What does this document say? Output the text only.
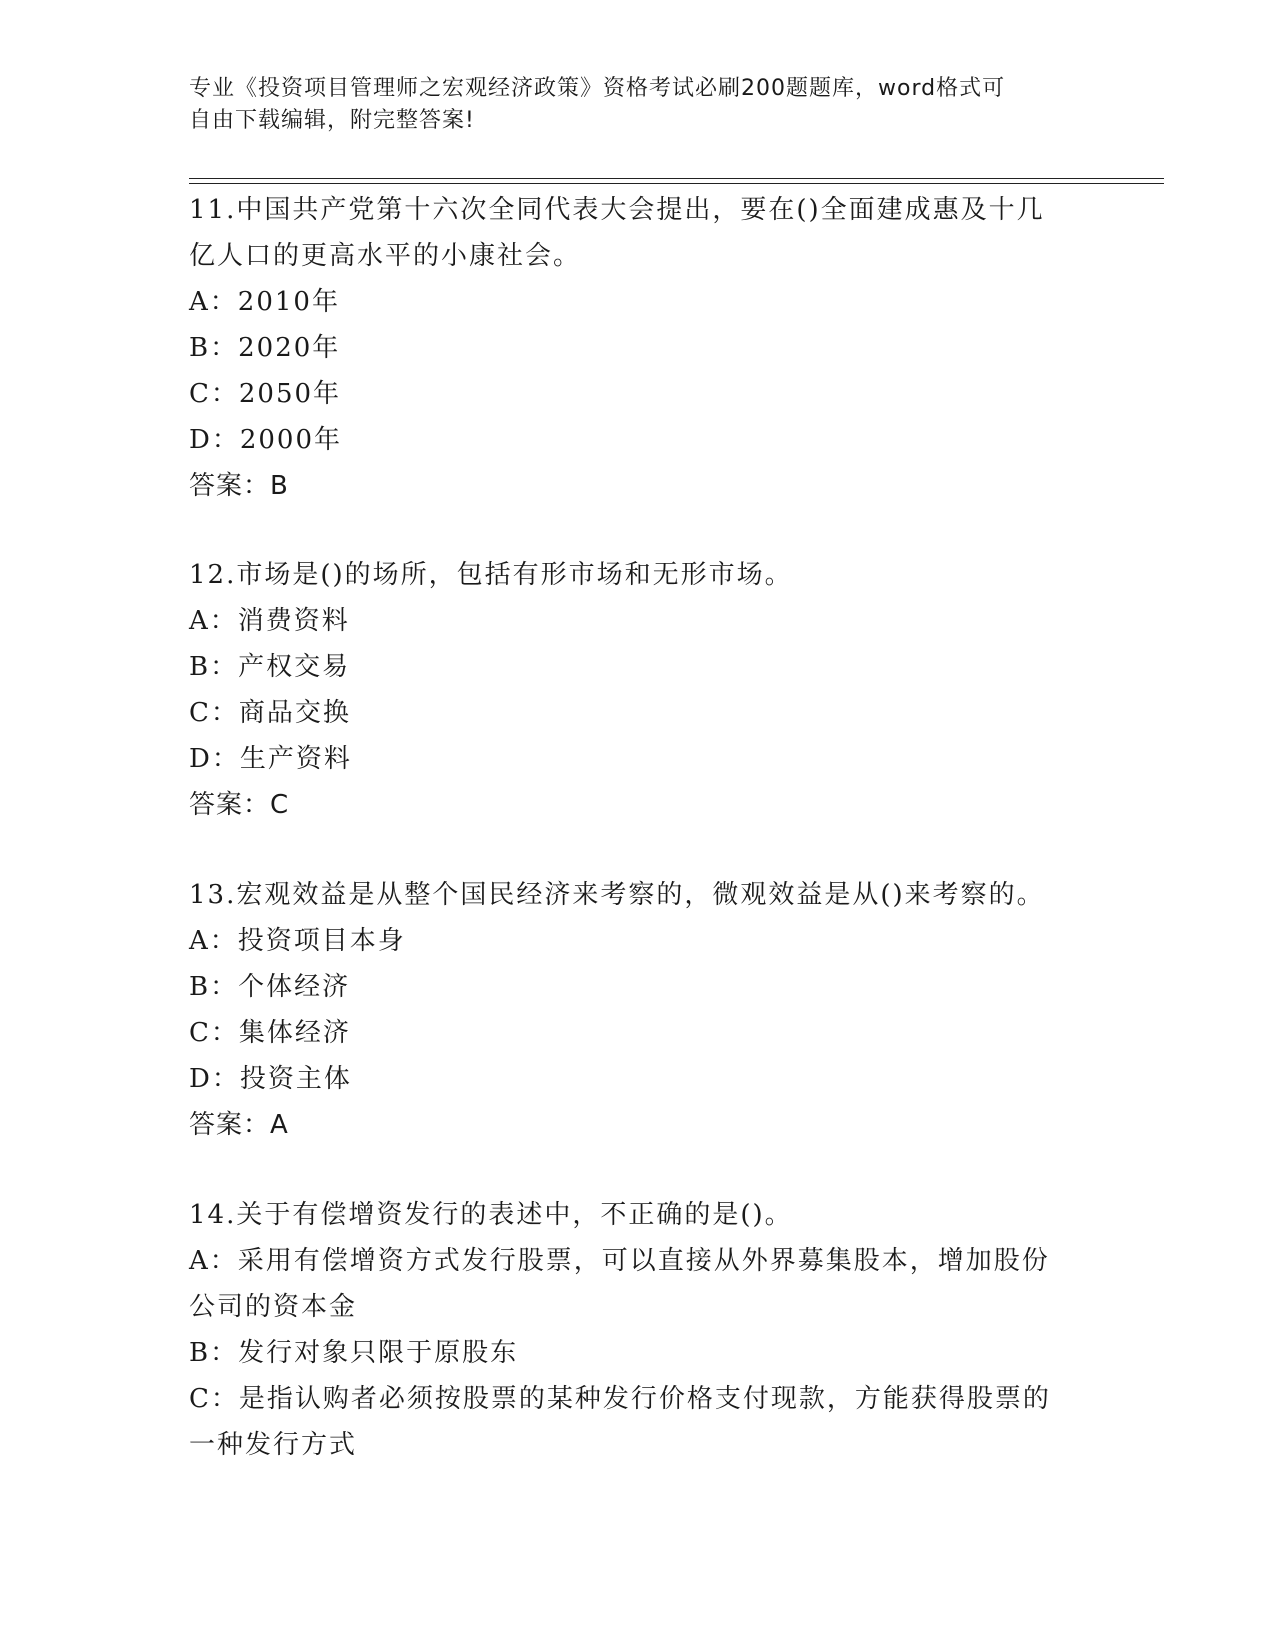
专业《投资项目管理师之宏观经济政策》资格考试必刷200题题库，word格式可
自由下载编辑，附完整答案!
11.中国共产党第十六次全同代表大会提出，要在()全面建成惠及十几
亿人口的更高水平的小康社会。
A：2010年
B：2020年
C：2050年
D：2000年
答案：B
12.市场是()的场所，包括有形市场和无形市场。
A：消费资料
B：产权交易
C：商品交换
D：生产资料
答案：C
13.宏观效益是从整个国民经济来考察的，微观效益是从()来考察的。
A：投资项目本身
B：个体经济
C：集体经济
D：投资主体
答案：A
14.关于有偿增资发行的表述中，不正确的是()。
A：采用有偿增资方式发行股票，可以直接从外界募集股本，增加股份
公司的资本金
B：发行对象只限于原股东
C：是指认购者必须按股票的某种发行价格支付现款，方能获得股票的
一种发行方式
